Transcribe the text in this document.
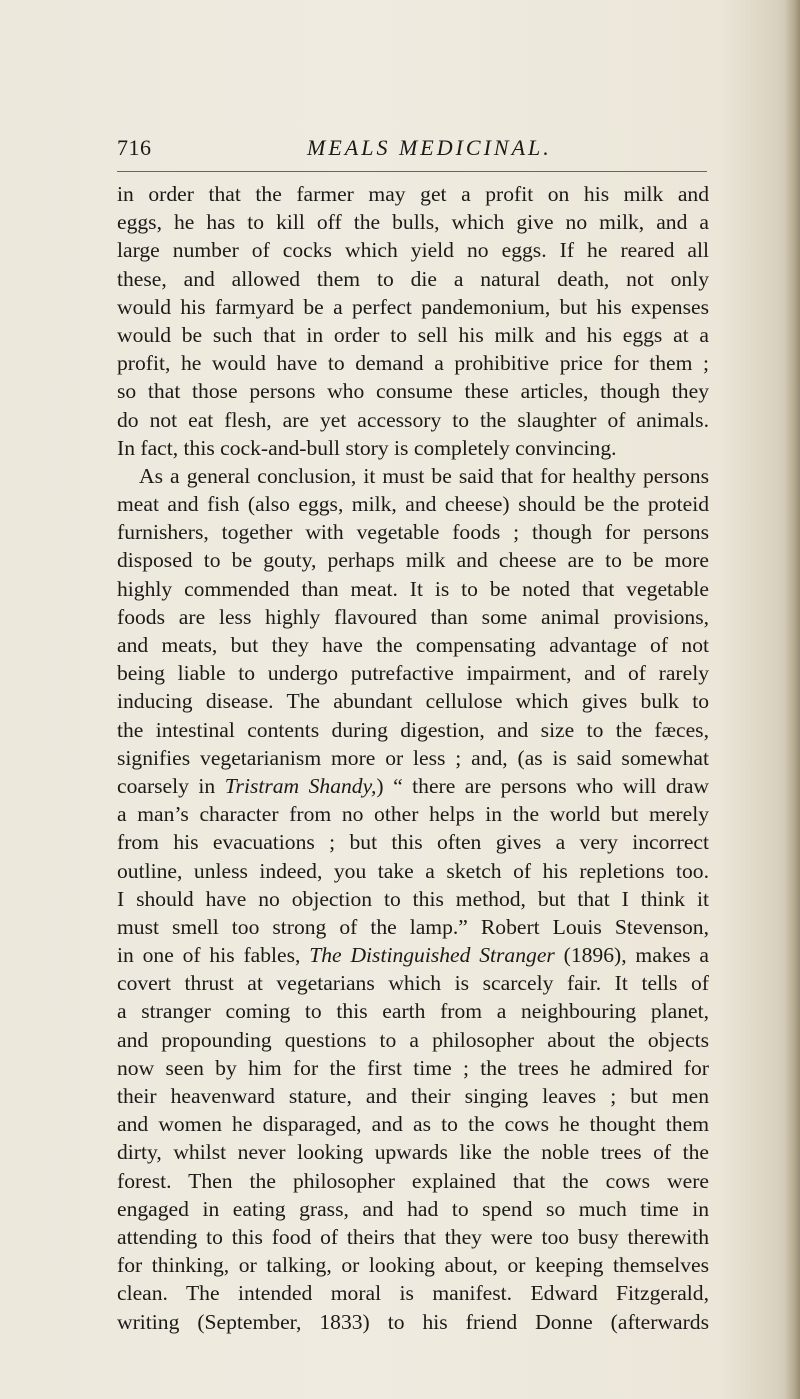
716	MEALS MEDICINAL.
in order that the farmer may get a profit on his milk and
eggs, he has to kill off the bulls, which give no milk, and a
large number of cocks which yield no eggs. If he reared all
these, and allowed them to die a natural death, not only
would his farmyard be a perfect pandemonium, but his expenses
would be such that in order to sell his milk and his eggs at a
profit, he would have to demand a prohibitive price for them ;
so that those persons who consume these articles, though they
do not eat flesh, are yet accessory to the slaughter of animals.
In fact, this cock-and-bull story is completely convincing.
As a general conclusion, it must be said that for healthy persons
meat and fish (also eggs, milk, and cheese) should be the proteid
furnishers, together with vegetable foods ; though for persons
disposed to be gouty, perhaps milk and cheese are to be more
highly commended than meat. It is to be noted that vegetable
foods are less highly flavoured than some animal provisions,
and meats, but they have the compensating advantage of not
being liable to undergo putrefactive impairment, and of rarely
inducing disease. The abundant cellulose which gives bulk to
the intestinal contents during digestion, and size to the fæces,
signifies vegetarianism more or less ; and, (as is said somewhat
coarsely in Tristram Shandy,) “ there are persons who will draw
a man’s character from no other helps in the world but merely
from his evacuations ; but this often gives a very incorrect
outline, unless indeed, you take a sketch of his repletions too.
I should have no objection to this method, but that I think it
must smell too strong of the lamp.” Robert Louis Stevenson,
in one of his fables, The Distinguished Stranger (1896), makes a
covert thrust at vegetarians which is scarcely fair. It tells of
a stranger coming to this earth from a neighbouring planet,
and propounding questions to a philosopher about the objects
now seen by him for the first time ; the trees he admired for
their heavenward stature, and their singing leaves ; but men
and women he disparaged, and as to the cows he thought them
dirty, whilst never looking upwards like the noble trees of the
forest. Then the philosopher explained that the cows were
engaged in eating grass, and had to spend so much time in
attending to this food of theirs that they were too busy therewith
for thinking, or talking, or looking about, or keeping themselves
clean. The intended moral is manifest. Edward Fitzgerald,
writing (September, 1833) to his friend Donne (afterwards
